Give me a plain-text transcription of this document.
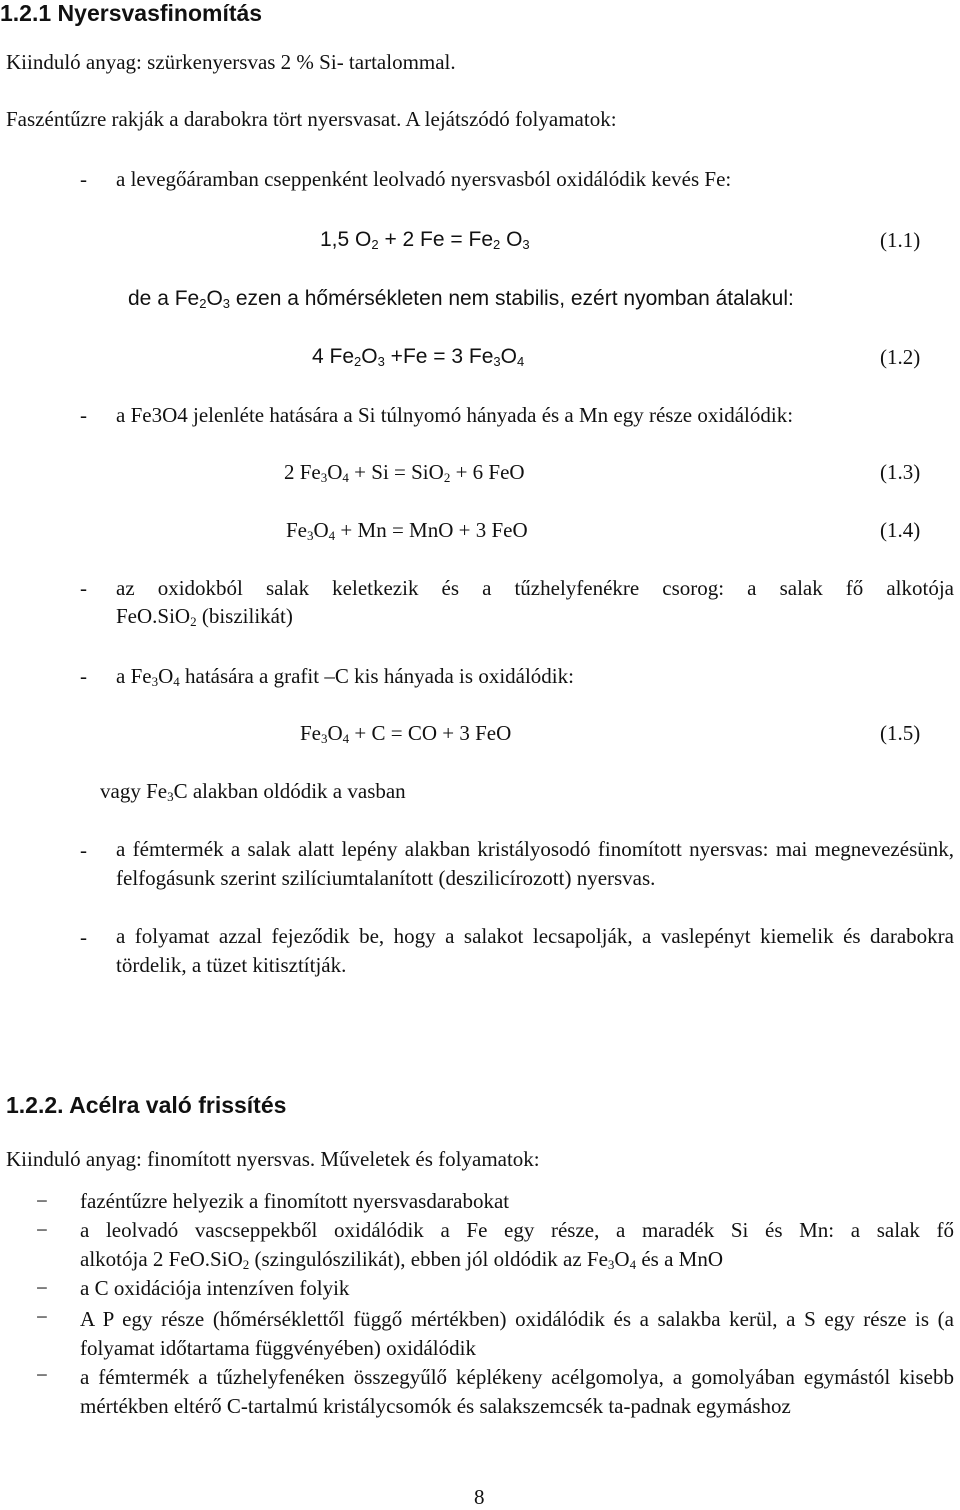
1.2.1 Nyersvasfinomítás
Kiinduló anyag: szürkenyersvas 2 % Si- tartalommal.
Faszéntűzre rakják a darabokra tört nyersvasat. A lejátszódó folyamatok:
- a levegőáramban cseppenként leolvadó nyersvasból oxidálódik kevés Fe:
1,5 $O_2 + 2$ $Fe = Fe_2$ $O_3$	(1.1)
de a $Fe_2O_3$ ezen a hőmérsékleten nem stabilis, ezért nyomban átalakul:
4 $Fe_2O_3 +Fe = 3$ $Fe_3O_4$	(1.2)
- a Fe3O4 jelenléte hatására a Si túlnyomó hányada és a Mn egy része oxidálódik:
2 $Fe_3O_4 + Si = SiO_2 + 6$ FeO	(1.3)
$Fe_3O_4 + Mn$ = MnO + 3 FeO	(1.4)
- az oxidokból salak keletkezik és a tűzhelyfenékre csorog: a salak fő alkotója
FeO.SiO$_2$ (biszilikát)
- a $Fe_3O_4$ hatására a grafit –C kis hányada is oxidálódik:
$Fe_3O_4 + C$ = CO + 3 FeO	(1.5)
vagy $Fe_3C$ alakban oldódik a vasban
- a fémtermék a salak alatt lepény alakban kristályosodó finomított nyersvas: mai megnevezésünk, felfogásunk szerint szilíciumtalanított (deszilicírozott) nyersvas.
- a folyamat azzal fejeződik be, hogy a salakot lecsapolják, a vaslepényt kiemelik és darabokra tördelik, a tüzet kitisztítják.
1.2.2. Acélra való frissítés
Kiinduló anyag: finomított nyersvas. Műveletek és folyamatok:
− fazéntűzre helyezik a finomított nyersvasdarabokat
− a leolvadó vascseppekből oxidálódik a Fe egy része, a maradék Si és Mn: a salak fő
alkotója 2 FeO.SiO$_2$ (szingulószilikát), ebben jól oldódik az $Fe_3O_4$ és a MnO
− a C oxidációja intenzíven folyik
− A P egy része (hőmérséklettől függő mértékben) oxidálódik és a salakba kerül, a S egy része is (a folyamat időtartama függvényében) oxidálódik
− a fémtermék a tűzhelyfenéken összegyűlő képlékeny acélgomolya, a gomolyában egymástól kisebb mértékben eltérő C-tartalmú kristálycsomók és salakszemcsék ta-padnak egymáshoz
8
